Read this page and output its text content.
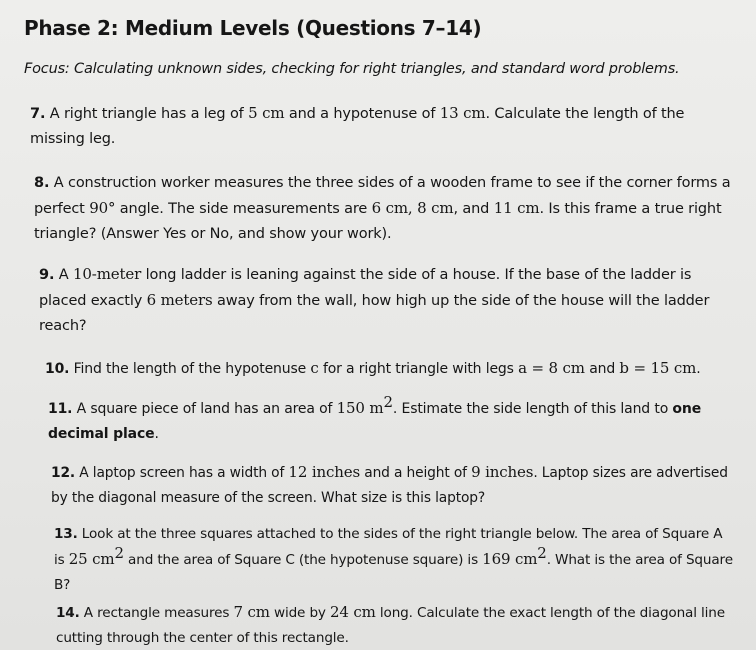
Phase 2: Medium Levels (Questions 7–14)
Focus: Calculating unknown sides, checking for right triangles, and standard word problems.

7. A right triangle has a leg of 5 cm and a hypotenuse of 13 cm. Calculate the length of the missing leg.

8. A construction worker measures the three sides of a wooden frame to see if the corner forms a perfect 90° angle. The side measurements are 6 cm, 8 cm, and 11 cm. Is this frame a true right triangle? (Answer Yes or No, and show your work).

9. A 10-meter long ladder is leaning against the side of a house. If the base of the ladder is placed exactly 6 meters away from the wall, how high up the side of the house will the ladder reach?

10. Find the length of the hypotenuse c for a right triangle with legs a = 8 cm and b = 15 cm.

11. A square piece of land has an area of 150 $m^2$. Estimate the side length of this land to one decimal place.

12. A laptop screen has a width of 12 inches and a height of 9 inches. Laptop sizes are advertised by the diagonal measure of the screen. What size is this laptop?

13. Look at the three squares attached to the sides of the right triangle below. The area of Square A is 25 $cm^2$ and the area of Square C (the hypotenuse square) is 169 $cm^2$. What is the area of Square B?

14. A rectangle measures 7 cm wide by 24 cm long. Calculate the exact length of the diagonal line cutting through the center of this rectangle.
